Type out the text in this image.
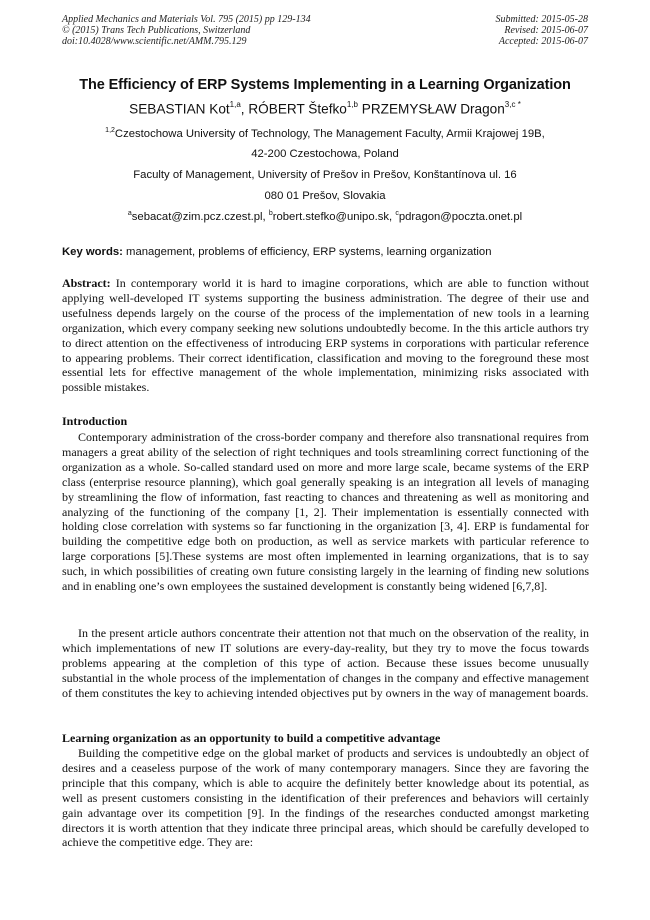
Applied Mechanics and Materials Vol. 795 (2015) pp 129-134
© (2015) Trans Tech Publications, Switzerland
doi:10.4028/www.scientific.net/AMM.795.129
Submitted: 2015-05-28
Revised: 2015-06-07
Accepted: 2015-06-07
The Efficiency of ERP Systems Implementing in a Learning Organization
SEBASTIAN Kot$^{1,a}$, RÓBERT Štefko$^{1,b}$ PRZEMYSŁAW Dragon$^{3,c *}$
$^{1,2}$Czestochowa University of Technology, The Management Faculty, Armii Krajowej 19B,
42-200 Czestochowa, Poland
Faculty of Management, University of Prešov in Prešov, Konštantínova ul. 16
080 01 Prešov, Slovakia
$^a$sebacat@zim.pcz.czest.pl, $^b$robert.stefko@unipo.sk, $^c$pdragon@poczta.onet.pl
Key words: management, problems of efficiency, ERP systems, learning organization
Abstract: In contemporary world it is hard to imagine corporations, which are able to function without applying well-developed IT systems supporting the business administration. The degree of their use and usefulness depends largely on the course of the process of the implementation of new tools in a learning organization, which every company seeking new solutions undoubtedly become. In the this article authors try to direct attention on the effectiveness of introducing ERP systems in corporations with particular reference to appearing problems. Their correct identification, classification and moving to the foreground these most essential lets for effective management of the whole implementation, minimizing risks associated with possible mistakes.
Introduction
Contemporary administration of the cross-border company and therefore also transnational requires from managers a great ability of the selection of right techniques and tools streamlining correct functioning of the organization as a whole. So-called standard used on more and more large scale, became systems of the ERP class (enterprise resource planning), which goal generally speaking is an integration all levels of managing by streamlining the flow of information, fast reacting to chances and threatening as well as monitoring and analyzing of the functioning of the company [1, 2]. Their implementation is essentially connected with holding close correlation with systems so far functioning in the organization [3, 4]. ERP is fundamental for building the competitive edge both on production, as well as service markets with particular reference to large corporations [5].These systems are most often implemented in learning organizations, that is to say such, in which possibilities of creating own future consisting largely in the learning of finding new solutions and in enabling one’s own employees the sustained development is constantly being widened [6,7,8].
In the present article authors concentrate their attention not that much on the observation of the reality, in which implementations of new IT solutions are every-day-reality, but they try to move the focus towards problems appearing at the completion of this type of action. Because these issues become unusually substantial in the whole process of the implementation of changes in the company and effective management of them constitutes the key to achieving intended objectives put by owners in the way of management boards.
Learning organization as an opportunity to build a competitive advantage
Building the competitive edge on the global market of products and services is undoubtedly an object of desires and a ceaseless purpose of the work of many contemporary managers. Since they are favoring the principle that this company, which is able to acquire the definitely better knowledge about its potential, as well as present customers consisting in the identification of their preferences and behaviors will certainly gain advantage over its competition [9]. In the findings of the researches conducted amongst marketing directors it is worth attention that they indicate three principal areas, which should be carefully developed to achieve the competitive edge. They are:
